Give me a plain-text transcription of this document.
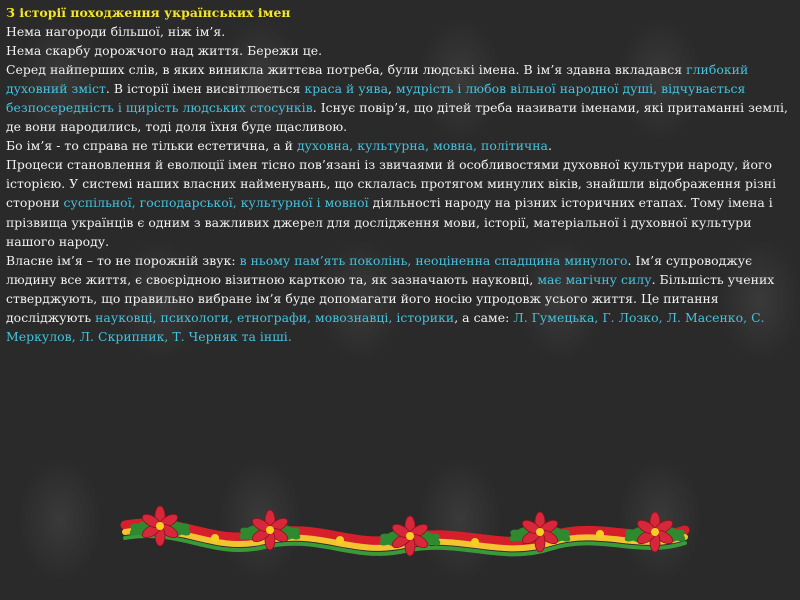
З історії походження українських імен

Нема нагороди більшої, ніж ім’я.

Нема скарбу дорожчого над життя. Бережи це.

Серед найперших слів, в яких виникла життєва потреба, були людські імена. В ім’я здавна вкладався глибокий духовний зміст. В історії імен висвітлюється краса й уява, мудрість і любов вільної народної душі, відчувається безпосередність і щирість людських стосунків. Існує повір’я, що дітей треба називати іменами, які притаманні землі, де вони народились, тоді доля їхня буде щасливою.

Бо ім’я - то справа не тільки естетична, а й духовна, культурна, мовна, політична.

Процеси становлення й еволюції імен тісно пов’язані із звичаями й особливостями духовної культури народу, його історією. У системі наших власних найменувань, що склалась протягом минулих віків, знайшли відображення різні сторони суспільної, господарської, культурної і мовної діяльності народу на різних історичних етапах. Тому імена і прізвища українців є одним з важливих джерел для дослідження мови, історії, матеріальної і духовної культури нашого народу.

Власне ім’я – то не порожній звук: в ньому пам’ять поколінь, неоціненна спадщина минулого. Ім’я супроводжує людину все життя, є своєрідною візитною карткою та, як зазначають науковці, має магічну силу. Більшість учених стверджують, що правильно вибране ім’я буде допомагати його носію упродовж усього життя. Це питання досліджують науковці, психологи, етнографи, мовознавці, історики, а саме: Л. Гумецька, Г. Лозко, Л. Масенко, С. Меркулов, Л. Скрипник, Т. Черняк та інші.
